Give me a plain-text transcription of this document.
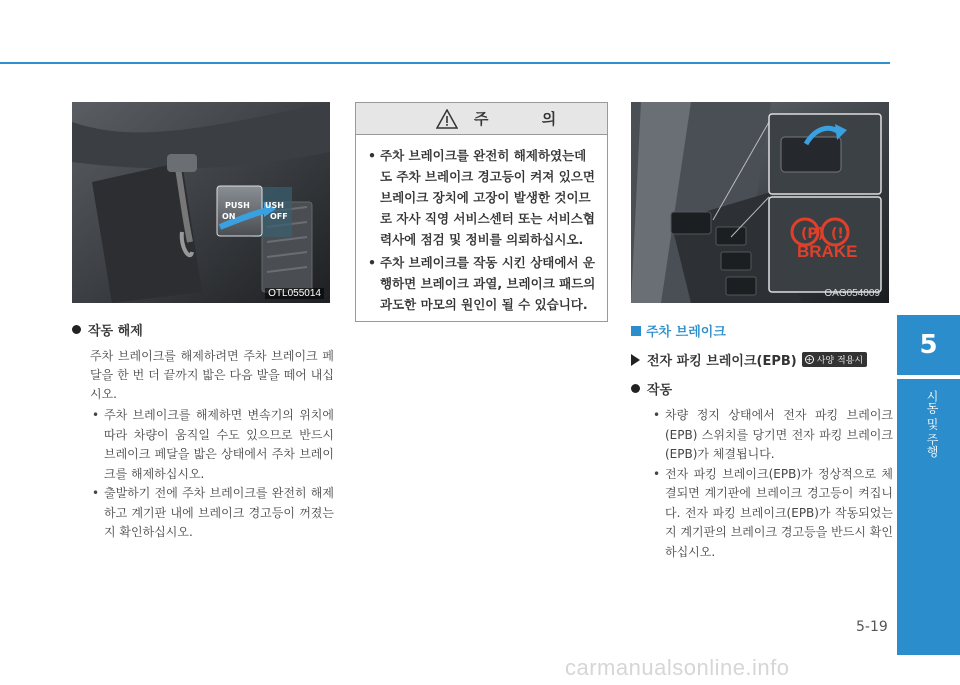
PUSH USH
ON	OFF
OTL055014
주 의
• 주차 브레이크를 완전히 해제하였는데도 주차 브레이크 경고등이 켜져 있으면 브레이크 장치에 고장이 발생한 것이므로 자사 직영 서비스센터 또는 서비스협력사에 점검 및 정비를 의뢰하십시오.
• 주차 브레이크를 작동 시킨 상태에서 운행하면 브레이크 과열, 브레이크 패드의 과도한 마모의 원인이 될 수 있습니다.
(P) (!)
BRAKE
OAG054009
작동 해제

주차 브레이크를 해제하려면 주차 브레이크 페달을 한 번 더 끝까지 밟은 다음 발을 떼어 내십시오.

• 주차 브레이크를 해제하면 변속기의 위치에 따라 차량이 움직일 수도 있으므로 반드시 브레이크 페달을 밟은 상태에서 주차 브레이크를 해제하십시오.
• 출발하기 전에 주차 브레이크를 완전히 해제하고 계기판 내에 브레이크 경고등이 꺼졌는지 확인하십시오.
주차 브레이크
전자 파킹 브레이크(EPB) + 사양 적용시
작동
• 차량 정지 상태에서 전자 파킹 브레이크(EPB) 스위치를 당기면 전자 파킹 브레이크(EPB)가 체결됩니다.
• 전자 파킹 브레이크(EPB)가 정상적으로 체결되면 계기판에 브레이크 경고등이 켜집니다. 전자 파킹 브레이크(EPB)가 작동되었는지 계기판의 브레이크 경고등을 반드시 확인하십시오.
5
시동 및 주행
5-19
carmanualsonline.info
